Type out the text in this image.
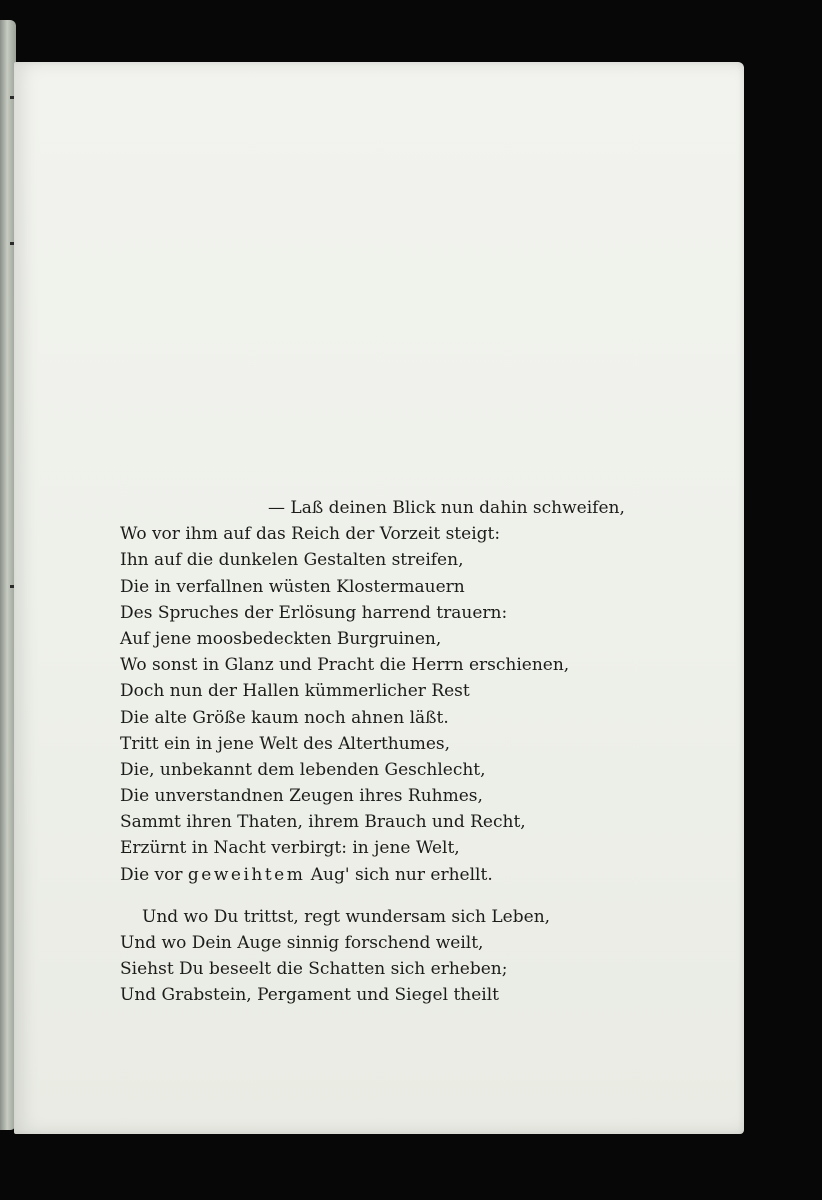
— Laß deinen Blick nun dahin schweifen,
Wo vor ihm auf das Reich der Vorzeit steigt:
Ihn auf die dunkelen Gestalten streifen,
Die in verfallnen wüsten Klostermauern
Des Spruches der Erlösung harrend trauern:
Auf jene moosbedeckten Burgruinen,
Wo sonst in Glanz und Pracht die Herrn erschienen,
Doch nun der Hallen kümmerlicher Rest
Die alte Größe kaum noch ahnen läßt.
Tritt ein in jene Welt des Alterthumes,
Die, unbekannt dem lebenden Geschlecht,
Die unverstandnen Zeugen ihres Ruhmes,
Sammt ihren Thaten, ihrem Brauch und Recht,
Erzürnt in Nacht verbirgt: in jene Welt,
Die vor geweihtem Aug' sich nur erhellt.
Und wo Du trittst, regt wundersam sich Leben,
Und wo Dein Auge sinnig forschend weilt,
Siehst Du beseelt die Schatten sich erheben;
Und Grabstein, Pergament und Siegel theilt
